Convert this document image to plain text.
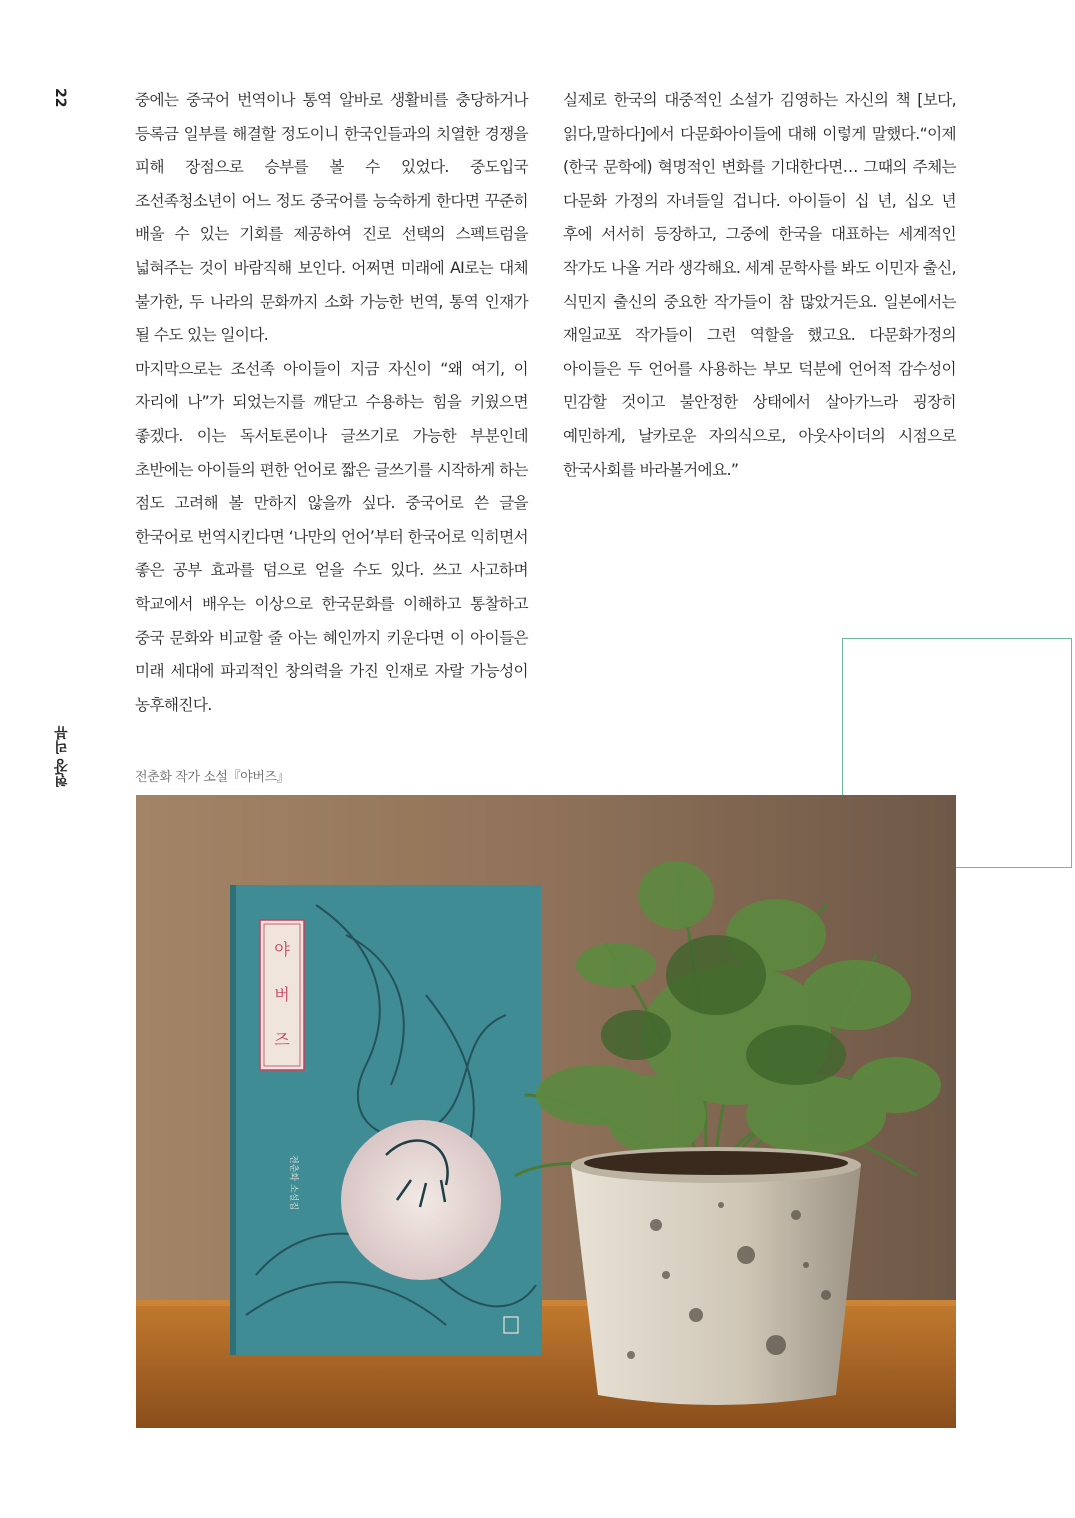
22
현장 리뷰

중에는 중국어 번역이나 통역 알바로 생활비를 충당하거나 등록금 일부를 해결할 정도이니 한국인들과의 치열한 경쟁을 피해 장점으로 승부를 볼 수 있었다. 중도입국 조선족청소년이 어느 정도 중국어를 능숙하게 한다면 꾸준히 배울 수 있는 기회를 제공하여 진로 선택의 스펙트럼을 넓혀주는 것이 바람직해 보인다. 어쩌면 미래에 AI로는 대체 불가한, 두 나라의 문화까지 소화 가능한 번역, 통역 인재가 될 수도 있는 일이다.

마지막으로는 조선족 아이들이 지금 자신이 “왜 여기, 이 자리에 나”가 되었는지를 깨닫고 수용하는 힘을 키웠으면 좋겠다. 이는 독서토론이나 글쓰기로 가능한 부분인데 초반에는 아이들의 편한 언어로 짧은 글쓰기를 시작하게 하는 점도 고려해 볼 만하지 않을까 싶다. 중국어로 쓴 글을 한국어로 번역시킨다면 ‘나만의 언어’부터 한국어로 익히면서 좋은 공부 효과를 덤으로 얻을 수도 있다. 쓰고 사고하며 학교에서 배우는 이상으로 한국문화를 이해하고 통찰하고 중국 문화와 비교할 줄 아는 혜인까지 키운다면 이 아이들은 미래 세대에 파괴적인 창의력을 가진 인재로 자랄 가능성이 농후해진다.

실제로 한국의 대중적인 소설가 김영하는 자신의 책 [보다,읽다,말하다]에서 다문화아이들에 대해 이렇게 말했다.“이제 (한국 문학에) 혁명적인 변화를 기대한다면… 그때의 주체는 다문화 가정의 자녀들일 겁니다. 아이들이 십 년, 십오 년 후에 서서히 등장하고, 그중에 한국을 대표하는 세계적인 작가도 나올 거라 생각해요. 세계 문학사를 봐도 이민자 출신, 식민지 출신의 중요한 작가들이 참 많았거든요. 일본에서는 재일교포 작가들이 그런 역할을 했고요. 다문화가정의 아이들은 두 언어를 사용하는 부모 덕분에 언어적 감수성이 민감할 것이고 불안정한 상태에서 살아가느라 굉장히 예민하게, 날카로운 자의식으로, 아웃사이더의 시점으로 한국사회를 바라볼거에요.”

전춘화 작가 소설『야버즈』
야
버
즈
전춘화 소설집
